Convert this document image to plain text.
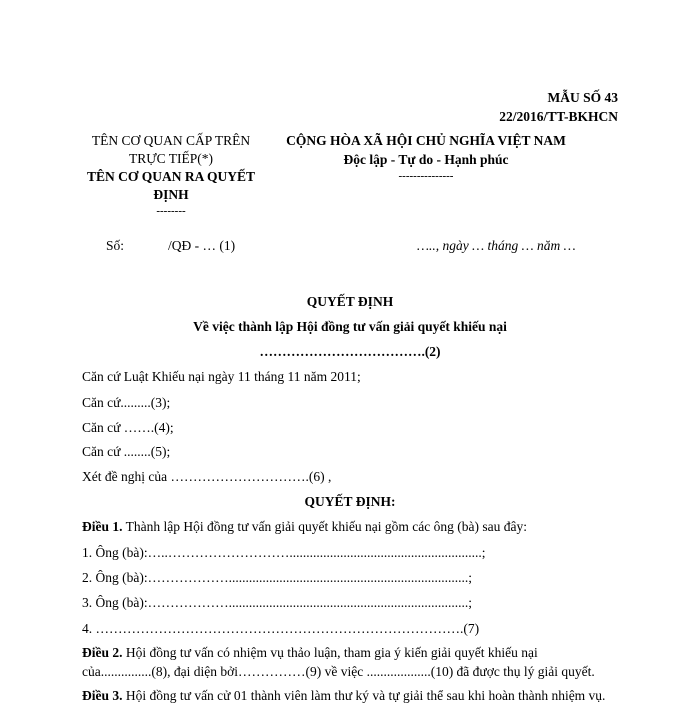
MẪU SỐ 43
22/2016/TT-BKHCN
TÊN CƠ QUAN CẤP TRÊN
TRỰC TIẾP(*)
TÊN CƠ QUAN RA QUYẾT
ĐỊNH
--------
CỘNG HÒA XÃ HỘI CHỦ NGHĨA VIỆT NAM
Độc lập - Tự do - Hạnh phúc
---------------
Số:	/QĐ - … (1)	….., ngày … tháng … năm …
QUYẾT ĐỊNH
Về việc thành lập Hội đồng tư vấn giải quyết khiếu nại
……………………………….(2)
Căn cứ Luật Khiếu nại ngày 11 tháng 11 năm 2011;
Căn cứ.........(3);
Căn cứ …….(4);
Căn cứ ........(5);
Xét đề nghị của ………………………….(6) ,
QUYẾT ĐỊNH:
Điều 1. Thành lập Hội đồng tư vấn giải quyết khiếu nại gồm các ông (bà) sau đây:
1. Ông (bà):…..……………………….........................................................;
2. Ông (bà):……………….......................................................................;
3. Ông (bà):……………….......................................................................;
4. ……………………………………………………………………….(7)
Điều 2. Hội đồng tư vấn có nhiệm vụ thảo luận, tham gia ý kiến giải quyết khiếu nại
của...............(8), đại diện bởi……………(9) về việc ...................(10) đã được thụ lý giải quyết.
Điều 3. Hội đồng tư vấn cử 01 thành viên làm thư ký và tự giải thể sau khi hoàn thành nhiệm vụ.
